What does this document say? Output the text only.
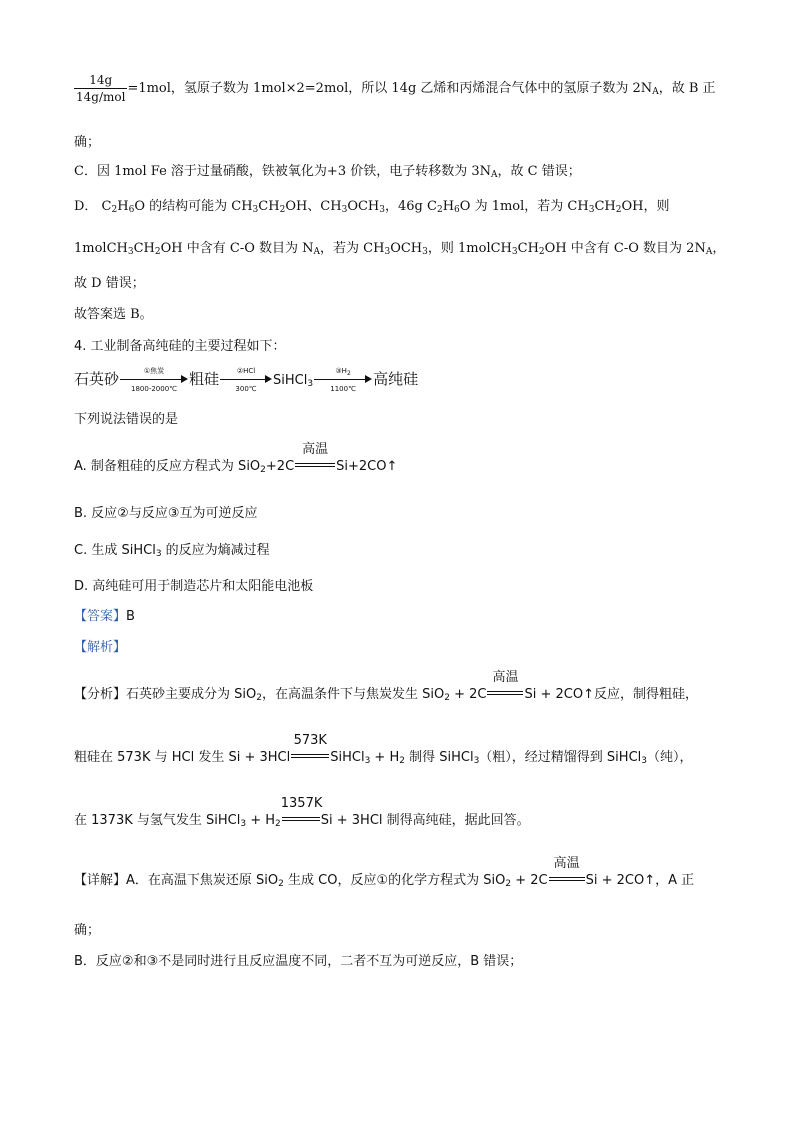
$\frac{14g}{\text{14g/mol}} =1mol$，氢原子数为 1mol×2=2mol，所以 14g 乙烯和丙烯混合气体中的氢原子数为 $2N_A$，故 B 正
确；
C．因 1mol Fe 溶于过量硝酸，铁被氧化为+3 价铁，电子转移数为 $3N_A$，故 C 错误；
D． $C_2H_6O$ 的结构可能为 $CH_3CH_2OH$、$CH_3OCH_3$，46g $C_2H_6O$ 为 1mol，若为 $CH_3CH_2OH$，则
$1molCH_3CH_2OH$ 中含有 C-O 数目为 $N_A$，若为 $CH_3OCH_3$，则 $1molCH_3CH_2OH$ 中含有 C-O 数目为 $2N_A$，
故 D 错误；
故答案选 B。
4. 工业制备高纯硅的主要过程如下：
石英砂	①焦炭
1800-2000℃
粗硅	②HCl
300℃
SiHCl$_3$ $\frac{③H_2}{1100℃}$ 高纯硅
下列说法错误的是
A. 制备粗硅的反应方程式为 SiO$_2$+2C
高温
Si+2CO↑
B. 反应②与反应③互为可逆反应
C. 生成 SiHCl$_3$ 的反应为熵减过程
D. 高纯硅可用于制造芯片和太阳能电池板
【答案】B
【解析】
【分析】石英砂主要成分为 SiO$_2$，在高温条件下与焦炭发生 SiO$_2$ + 2C
高温
Si + 2CO↑反应，制得粗硅，
粗硅在 573K 与 HCl 发生 Si + 3HCl
573K
SiHCl$_3$ + $H_2$ 制得 SiHCl$_3$（粗），经过精馏得到 SiHCl$_3$（纯），
在 1373K 与氢气发生 SiHCl$_3$ + $H_2$
1357K
Si + 3HCl 制得高纯硅，据此回答。
【详解】A．在高温下焦炭还原 SiO$_2$ 生成 CO，反应①的化学方程式为 SiO$_2$ + 2C
高温
Si + 2CO↑，A 正
确；
B．反应②和③不是同时进行且反应温度不同，二者不互为可逆反应，B 错误；
